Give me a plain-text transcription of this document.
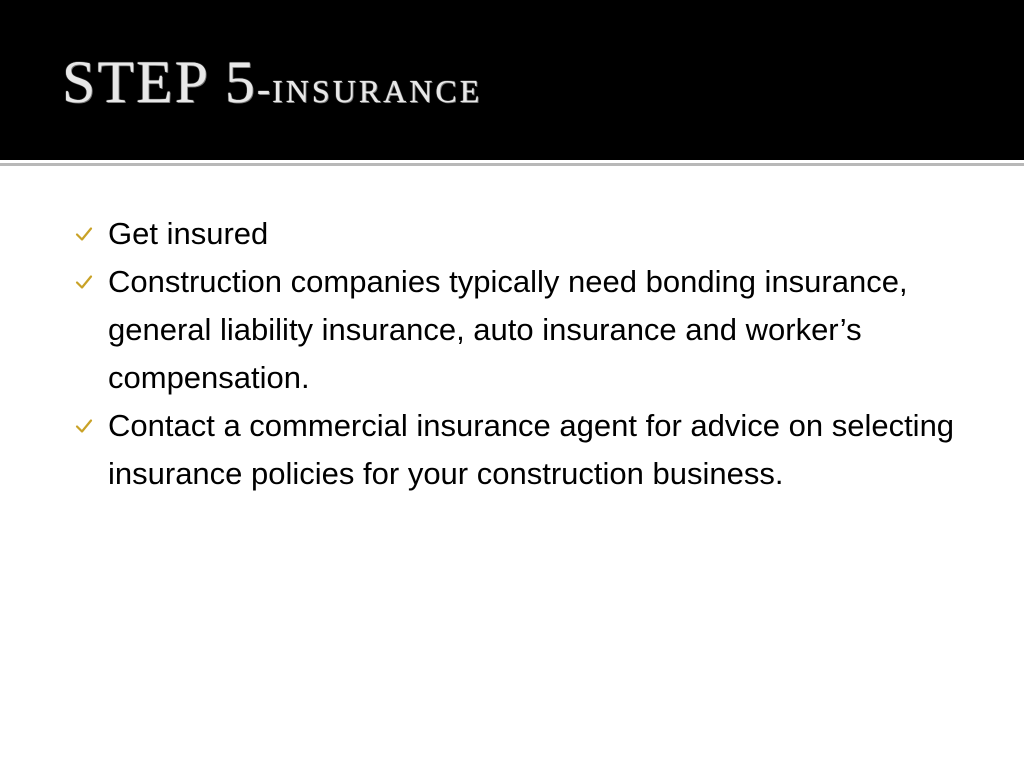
STEP 5-INSURANCE
Get insured
Construction companies typically need bonding insurance, general liability insurance, auto insurance and worker’s compensation.
Contact a commercial insurance agent for advice on selecting insurance policies for your construction business.
